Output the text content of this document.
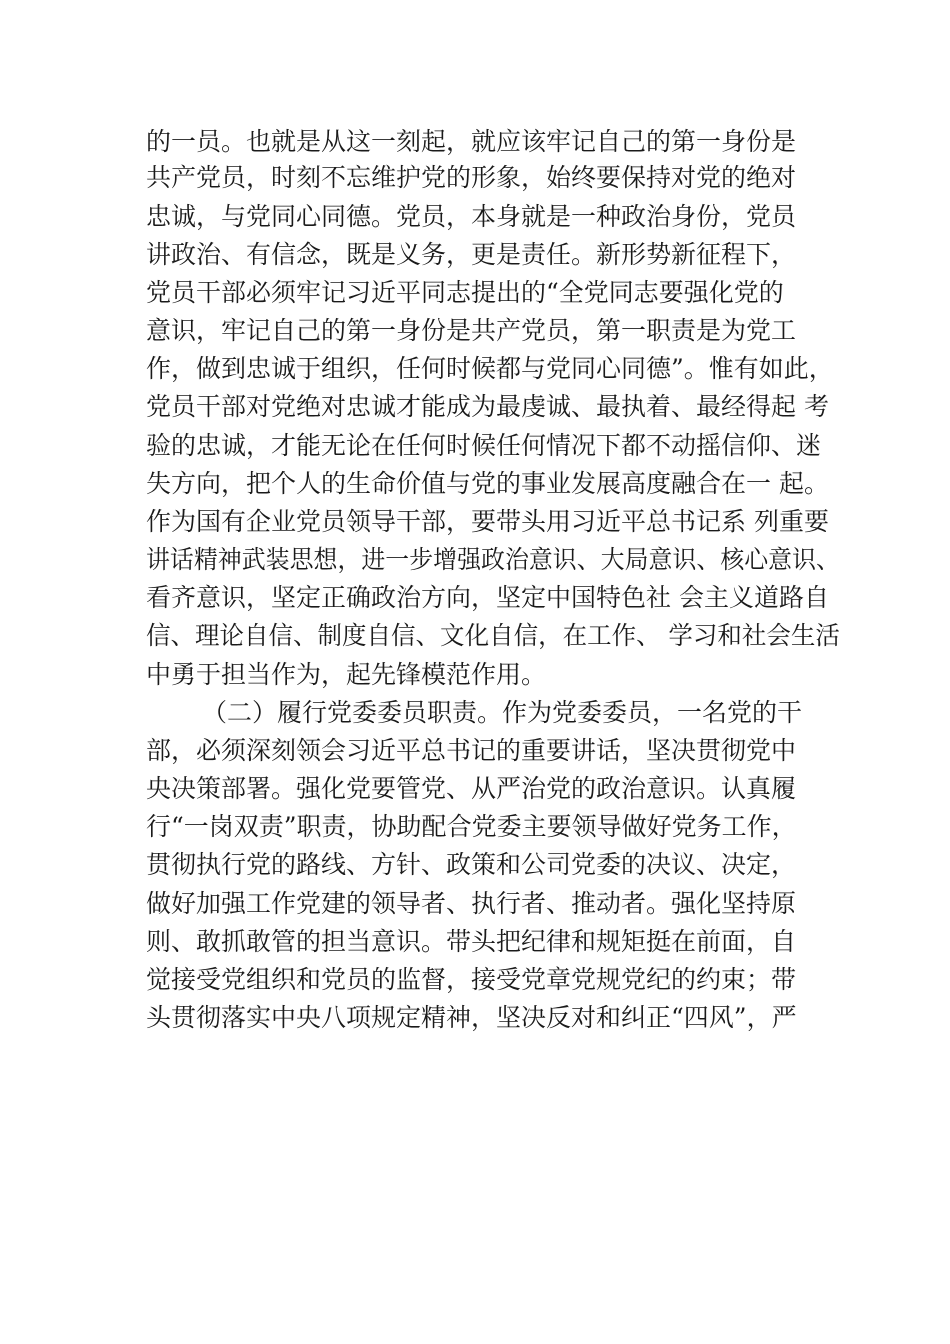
的一员。也就是从这一刻起，就应该牢记自己的第一身份是
共产党员，时刻不忘维护党的形象，始终要保持对党的绝对
忠诚，与党同心同德。党员，本身就是一种政治身份，党员
讲政治、有信念，既是义务，更是责任。新形势新征程下，
党员干部必须牢记习近平同志提出的“全党同志要强化党的
意识，牢记自己的第一身份是共产党员，第一职责是为党工
作，做到忠诚于组织，任何时候都与党同心同德”。惟有如此，
党员干部对党绝对忠诚才能成为最虔诚、最执着、最经得起 考
验的忠诚，才能无论在任何时候任何情况下都不动摇信仰、迷
失方向，把个人的生命价值与党的事业发展高度融合在一 起。
作为国有企业党员领导干部，要带头用习近平总书记系 列重要
讲话精神武装思想，进一步增强政治意识、大局意识、核心意识、
看齐意识，坚定正确政治方向，坚定中国特色社 会主义道路自
信、理论自信、制度自信、文化自信，在工作、 学习和社会生活
中勇于担当作为，起先锋模范作用。
（二）履行党委委员职责。作为党委委员，一名党的干
部，必须深刻领会习近平总书记的重要讲话，坚决贯彻党中
央决策部署。强化党要管党、从严治党的政治意识。认真履
行“一岗双责”职责，协助配合党委主要领导做好党务工作，
贯彻执行党的路线、方针、政策和公司党委的决议、决定，
做好加强工作党建的领导者、执行者、推动者。强化坚持原
则、敢抓敢管的担当意识。带头把纪律和规矩挺在前面，自
觉接受党组织和党员的监督，接受党章党规党纪的约束；带
头贯彻落实中央八项规定精神，坚决反对和纠正“四风”，严
